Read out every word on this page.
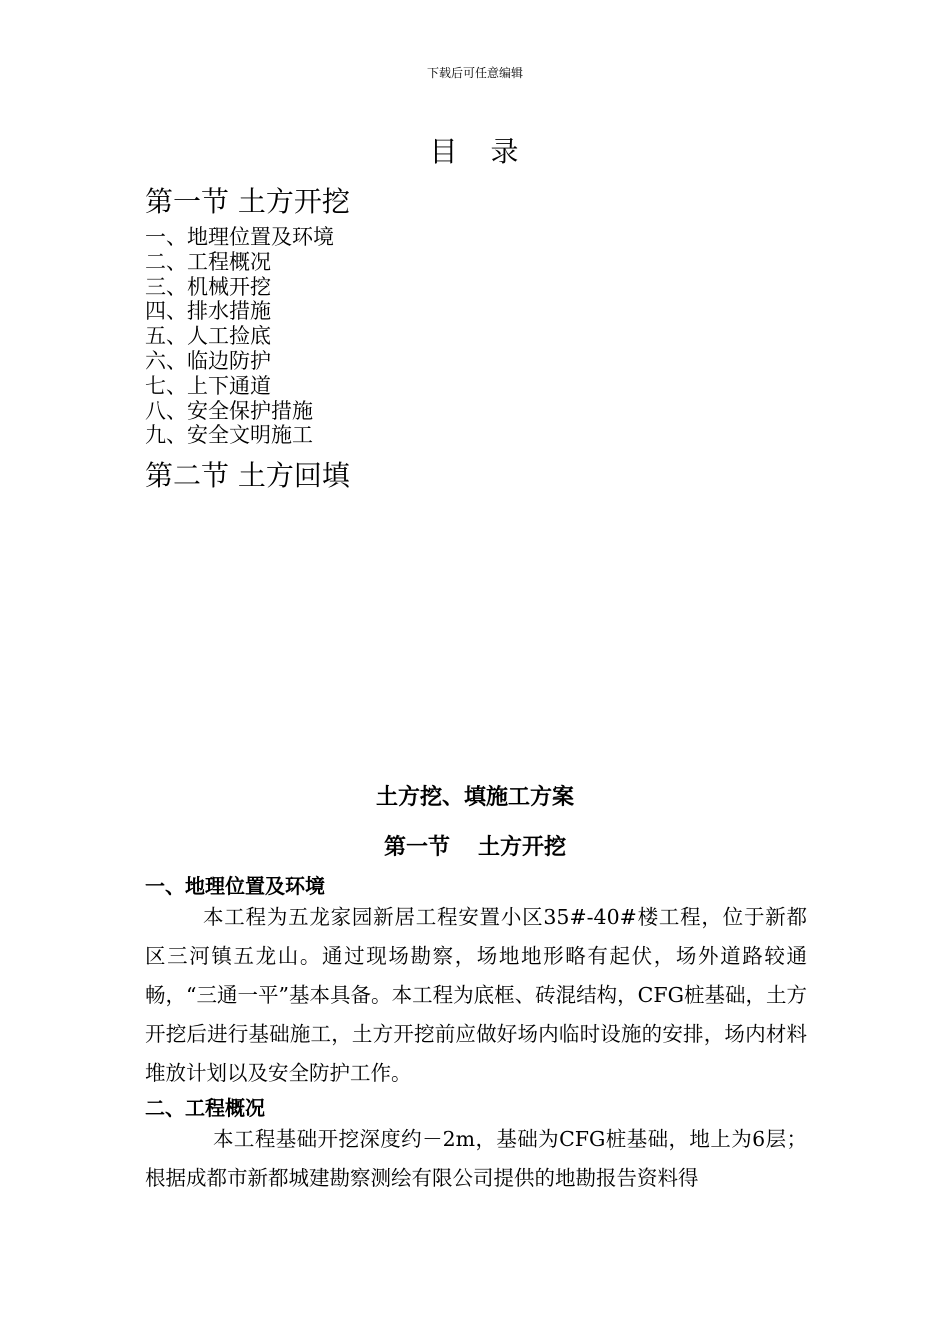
下载后可任意编辑
目 录
第一节 土方开挖
一、地理位置及环境
二、工程概况
三、机械开挖
四、排水措施
五、人工捡底
六、临边防护
七、上下通道
八、安全保护措施
九、安全文明施工
第二节 土方回填
土方挖、填施工方案
第一节 土方开挖
一、地理位置及环境
本工程为五龙家园新居工程安置小区35#-40#楼工程，位于新都区三河镇五龙山。通过现场勘察，场地地形略有起伏，场外道路较通畅，“三通一平”基本具备。本工程为底框、砖混结构，CFG桩基础，土方开挖后进行基础施工，土方开挖前应做好场内临时设施的安排，场内材料堆放计划以及安全防护工作。
二、工程概况
本工程基础开挖深度约－2m，基础为CFG桩基础，地上为6层；根据成都市新都城建勘察测绘有限公司提供的地勘报告资料得
